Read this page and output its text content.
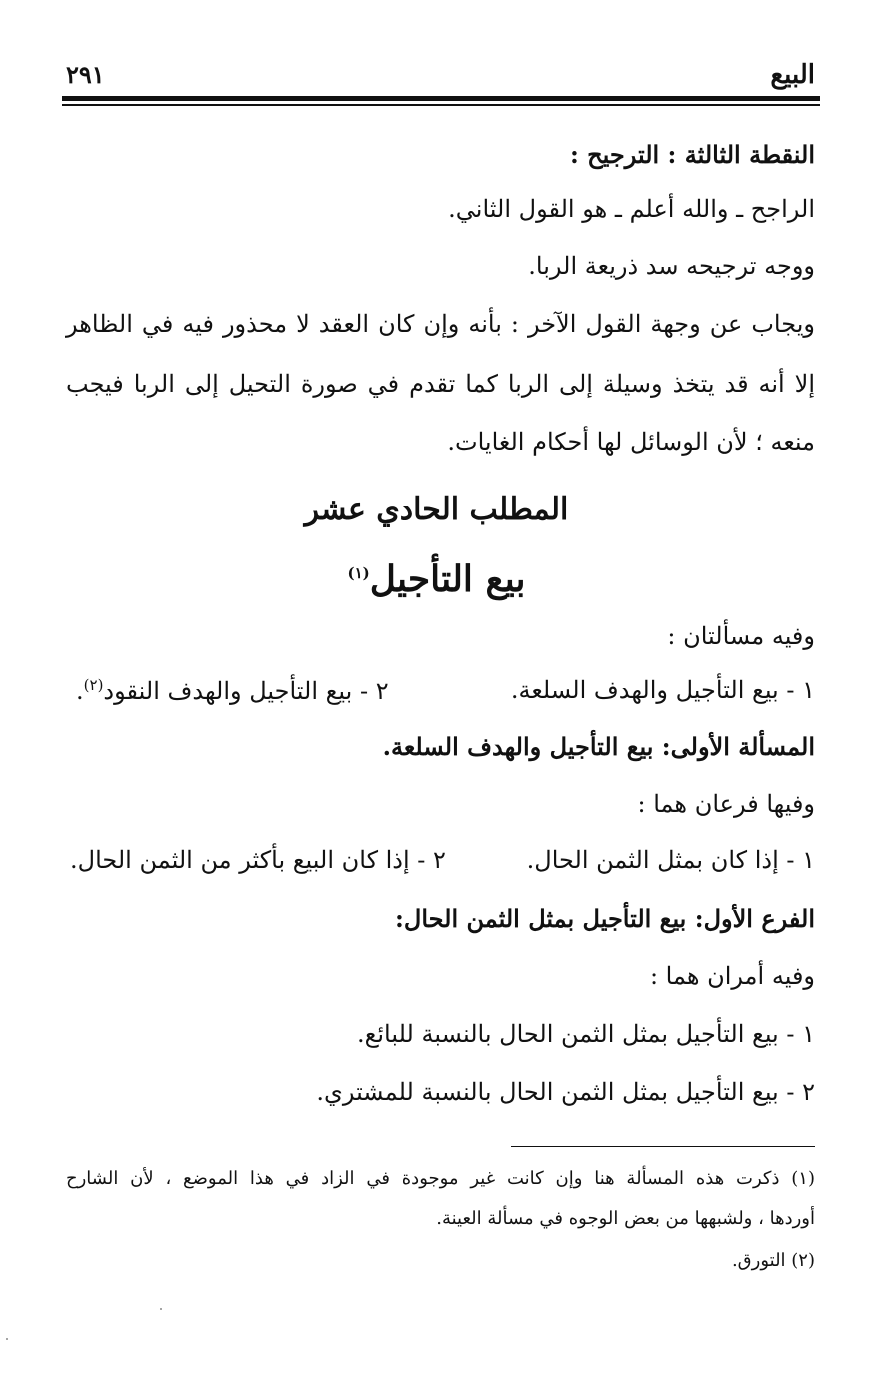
البيع
٢٩١
النقطة الثالثة : الترجيح :
الراجح ـ والله أعلم ـ هو القول الثاني.
ووجه ترجيحه سد ذريعة الربا.
ويجاب عن وجهة القول الآخر : بأنه وإن كان العقد لا محذور فيه في الظاهر
إلا أنه قد يتخذ وسيلة إلى الربا كما تقدم في صورة التحيل إلى الربا فيجب
منعه ؛ لأن الوسائل لها أحكام الغايات.
المطلب الحادي عشر
بيع التأجيل$^{(١)}$
وفيه مسألتان :
١ - بيع التأجيل والهدف السلعة.
٢ - بيع التأجيل والهدف النقود$^{(٢)}$.
المسألة الأولى: بيع التأجيل والهدف السلعة.
وفيها فرعان هما :
١ - إذا كان بمثل الثمن الحال.
٢ - إذا كان البيع بأكثر من الثمن الحال.
الفرع الأول: بيع التأجيل بمثل الثمن الحال:
وفيه أمران هما :
١ - بيع التأجيل بمثل الثمن الحال بالنسبة للبائع.
٢ - بيع التأجيل بمثل الثمن الحال بالنسبة للمشتري.
(١) ذكرت هذه المسألة هنا وإن كانت غير موجودة في الزاد في هذا الموضع ، لأن الشارح
أوردها ، ولشبهها من بعض الوجوه في مسألة العينة.
(٢) التورق.
